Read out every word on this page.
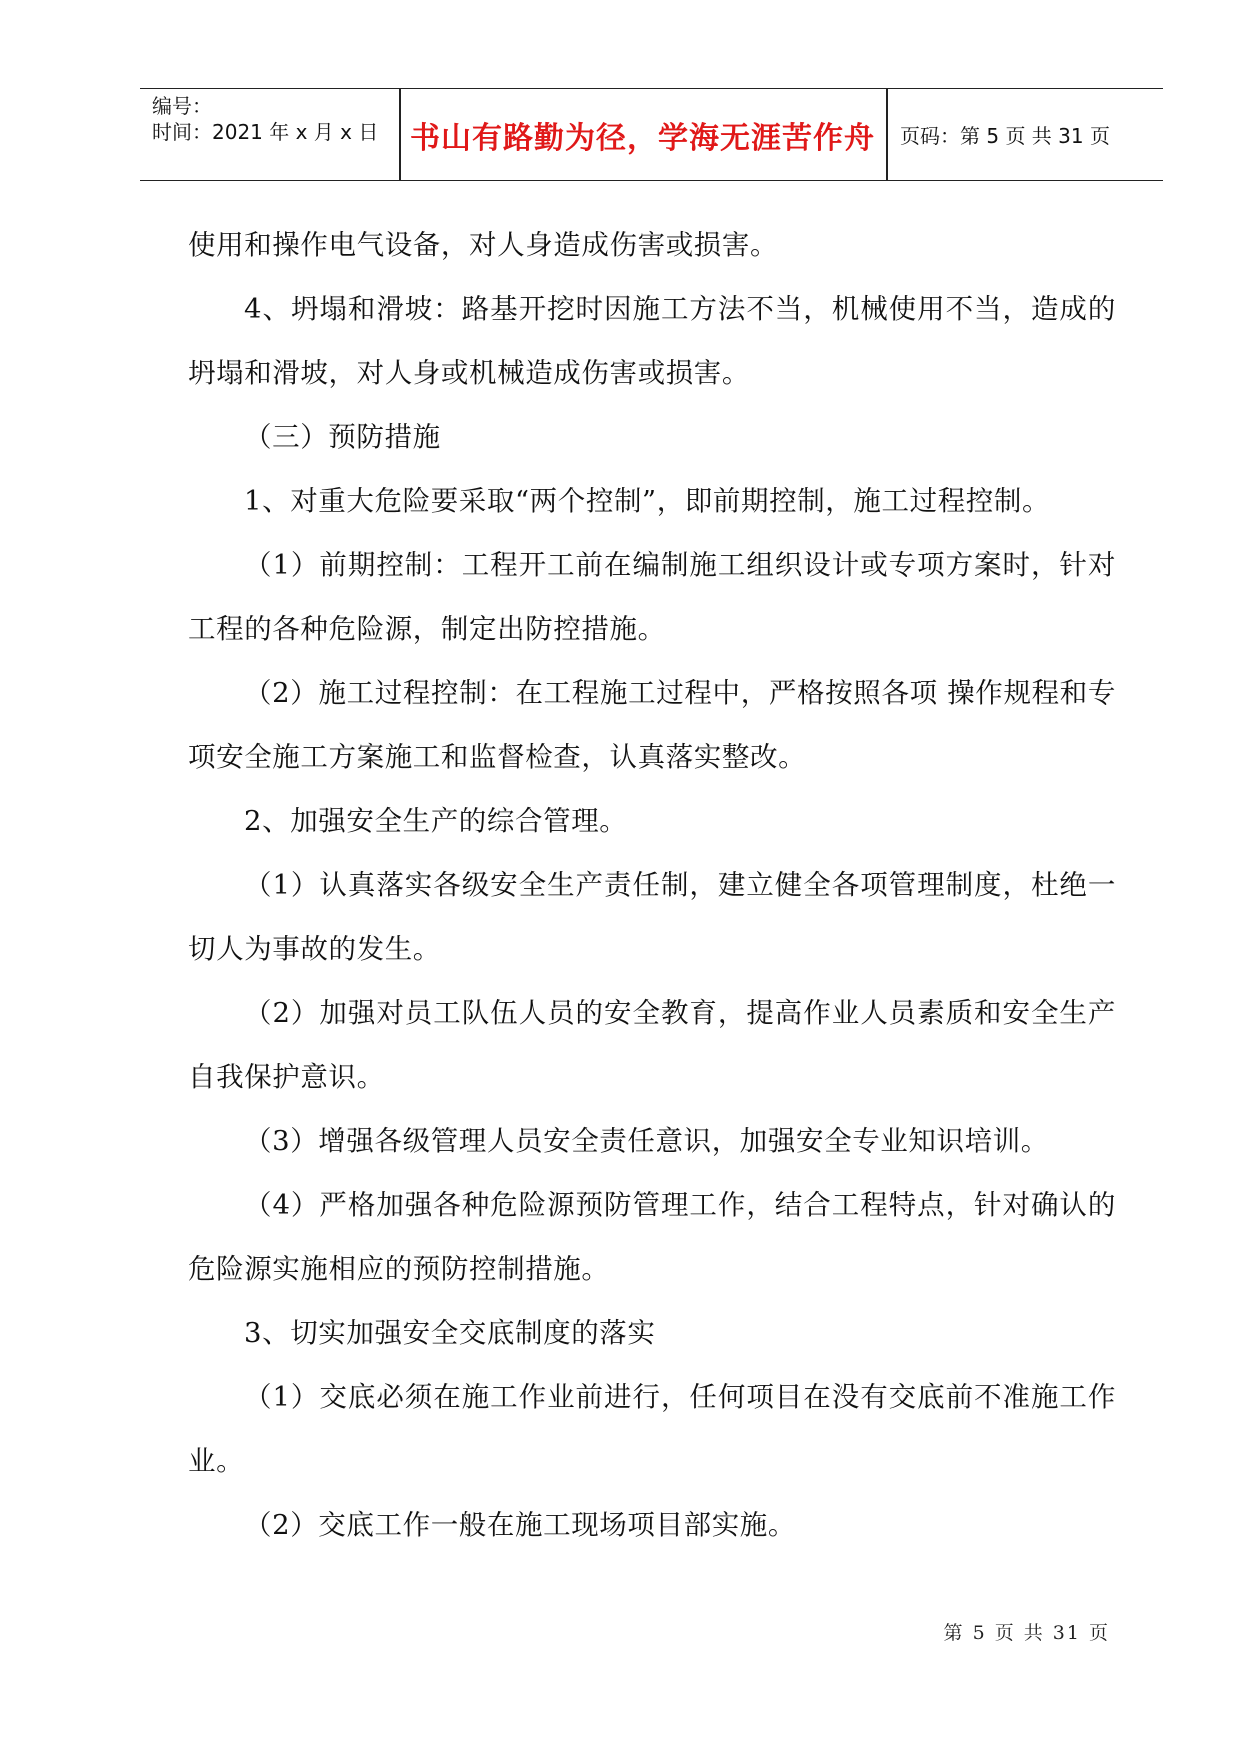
编号：
时间：2021 年 x 月 x 日	书山有路勤为径，学海无涯苦作舟	页码：第 5 页 共 31 页

使用和操作电气设备，对人身造成伤害或损害。

4、坍塌和滑坡：路基开挖时因施工方法不当，机械使用不当，造成的坍塌和滑坡，对人身或机械造成伤害或损害。

（三）预防措施

1、对重大危险要采取“两个控制”，即前期控制，施工过程控制。

（1）前期控制：工程开工前在编制施工组织设计或专项方案时，针对工程的各种危险源，制定出防控措施。

（2）施工过程控制：在工程施工过程中，严格按照各项 操作规程和专项安全施工方案施工和监督检查，认真落实整改。

2、加强安全生产的综合管理。

（1）认真落实各级安全生产责任制，建立健全各项管理制度，杜绝一切人为事故的发生。

（2）加强对员工队伍人员的安全教育，提高作业人员素质和安全生产自我保护意识。

（3）增强各级管理人员安全责任意识，加强安全专业知识培训。

（4）严格加强各种危险源预防管理工作，结合工程特点，针对确认的危险源实施相应的预防控制措施。

3、切实加强安全交底制度的落实

（1）交底必须在施工作业前进行，任何项目在没有交底前不准施工作业。

（2）交底工作一般在施工现场项目部实施。

第 5 页 共 31 页
